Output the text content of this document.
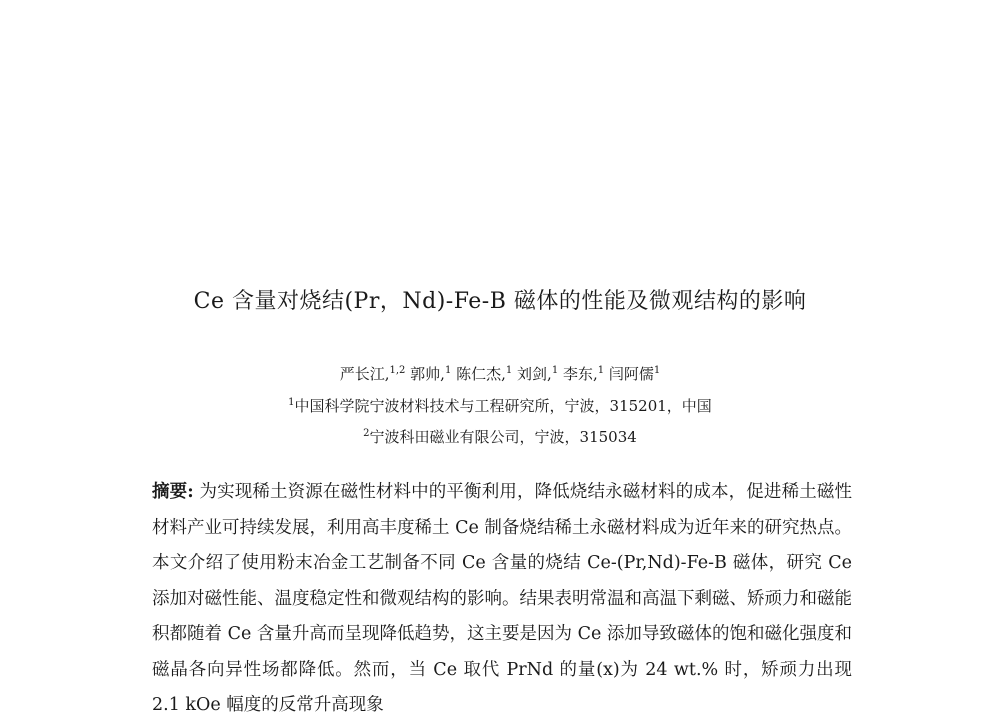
Ce 含量对烧结(Pr，Nd)-Fe-B 磁体的性能及微观结构的影响
严长江,$^{1,2}$ 郭帅,$^1$ 陈仁杰,$^1$ 刘剑,$^1$ 李东,$^1$ 闫阿儒$^1$
$^1$中国科学院宁波材料技术与工程研究所，宁波，315201，中国
$^2$宁波科田磁业有限公司，宁波，315034
摘要: 为实现稀土资源在磁性材料中的平衡利用，降低烧结永磁材料的成本，促进稀土磁性材料产业可持续发展，利用高丰度稀土 Ce 制备烧结稀土永磁材料成为近年来的研究热点。本文介绍了使用粉末冶金工艺制备不同 Ce 含量的烧结 Ce-(Pr,Nd)-Fe-B 磁体，研究 Ce 添加对磁性能、温度稳定性和微观结构的影响。结果表明常温和高温下剩磁、矫顽力和磁能积都随着 Ce 含量升高而呈现降低趋势，这主要是因为 Ce 添加导致磁体的饱和磁化强度和磁晶各向异性场都降低。然而，当 Ce 取代 PrNd 的量(x)为 24 wt.% 时，矫顽力出现 2.1 kOe 幅度的反常升高现象
